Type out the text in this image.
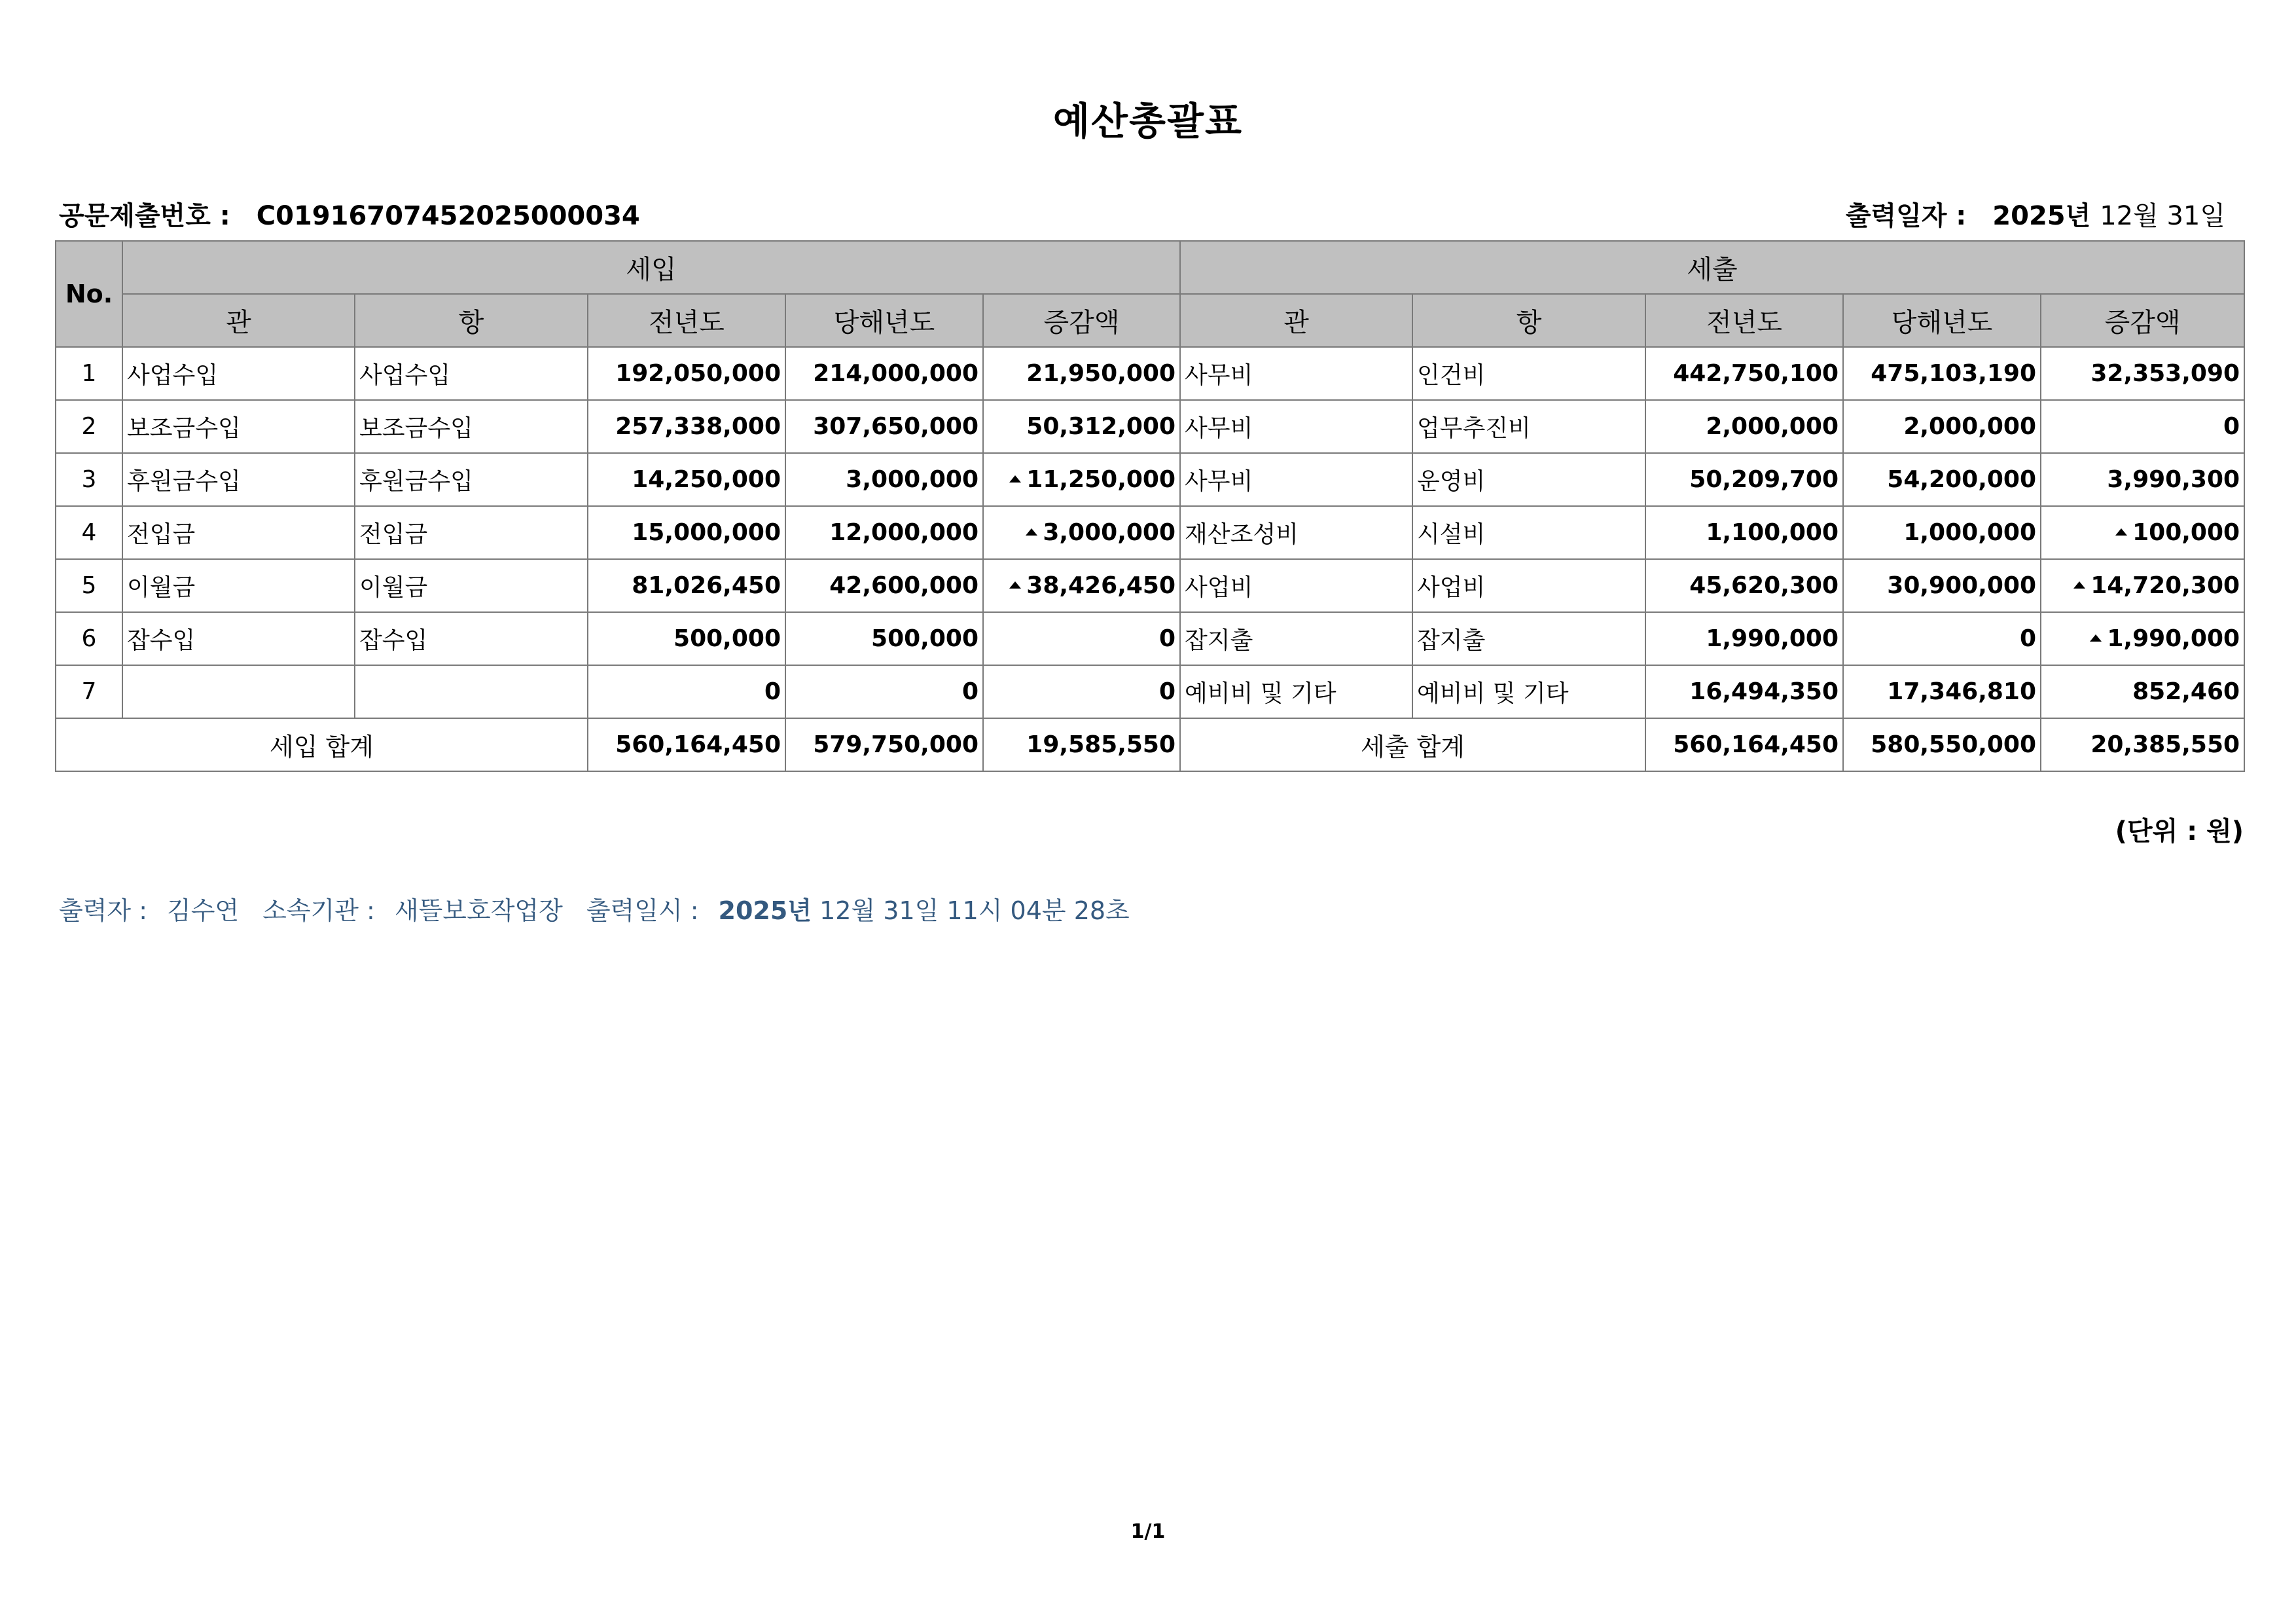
예산총괄표
공문제출번호 : C01916707452025000034	출력일자 : 2025년 12월 31일
No.	세입					세출				
	관	항	전년도	당해년도	증감액	관	항	전년도	당해년도	증감액
1	사업수입	사업수입	192,050,000	214,000,000	21,950,000	사무비	인건비	442,750,100	475,103,190	32,353,090
2	보조금수입	보조금수입	257,338,000	307,650,000	50,312,000	사무비	업무추진비	2,000,000	2,000,000	0
3	후원금수입	후원금수입	14,250,000	3,000,000	11,250,000	사무비	운영비	50,209,700	54,200,000	3,990,300
4	전입금	전입금	15,000,000	12,000,000	3,000,000	재산조성비	시설비	1,100,000	1,000,000	100,000
5	이월금	이월금	81,026,450	42,600,000	38,426,450	사업비	사업비	45,620,300	30,900,000	14,720,300
6	잡수입	잡수입	500,000	500,000	0	잡지출	잡지출	1,990,000	0	1,990,000
7			0	0	0	예비비 및 기타	예비비 및 기타	16,494,350	17,346,810	852,460
세입 합계			560,164,450	579,750,000	19,585,550	세출 합계		560,164,450	580,550,000	20,385,550
(단위 : 원)
출력자 : 김수연 소속기관 : 새뜰보호작업장 출력일시 : 2025년 12월 31일 11시 04분 28초
1/1
